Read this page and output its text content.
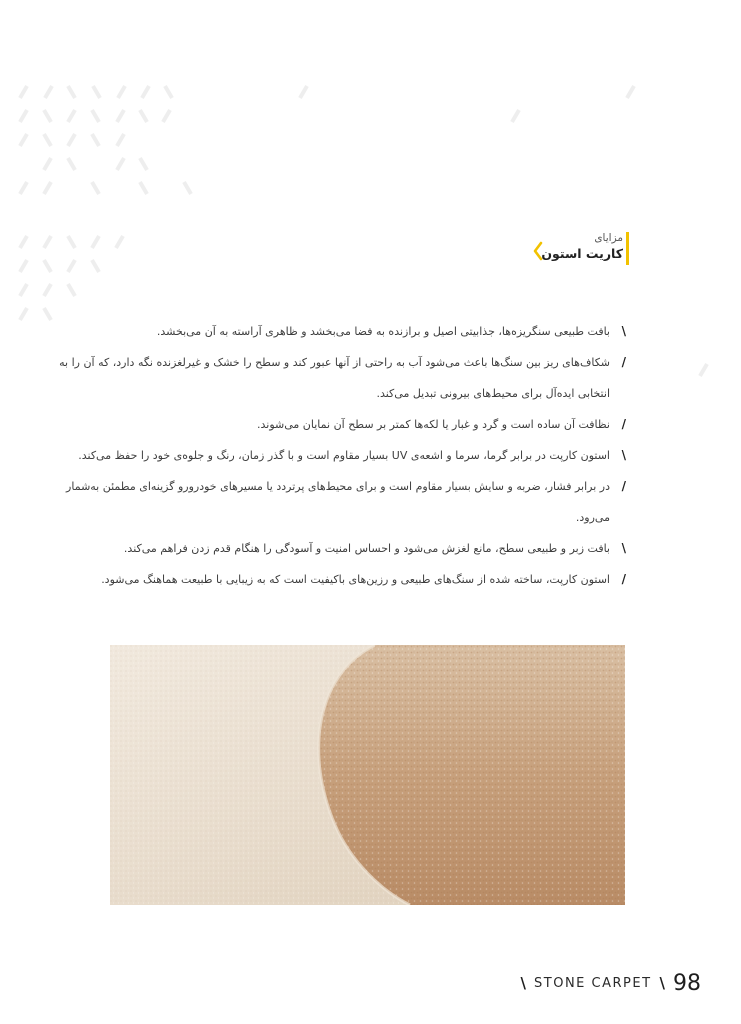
مزایای
کاریت استون
\
بافت طبیعی سنگریزه‌ها، جذابیتی اصیل و برازنده به فضا می‌بخشد و ظاهری آراسته به آن می‌بخشد.
/
شکاف‌های ریز بین سنگ‌ها باعث می‌شود آب به راحتی از آنها عبور کند و سطح را خشک و غیرلغزنده نگه دارد، که آن را به انتخابی ایده‌آل برای محیط‌های بیرونی تبدیل می‌کند.
/
نظافت آن ساده است و گرد و غبار یا لکه‌ها کمتر بر سطح آن نمایان می‌شوند.
\
استون کارپت در برابر گرما، سرما و اشعه‌ی UV بسیار مقاوم است و با گذر زمان، رنگ و جلوه‌ی خود را حفظ می‌کند.
/
در برابر فشار، ضربه و سایش بسیار مقاوم است و برای محیط‌های پرتردد یا مسیرهای خودرورو گزینه‌ای مطمئن به‌شمار می‌رود.
\
بافت زبر و طبیعی سطح، مانع لغزش می‌شود و احساس امنیت و آسودگی را هنگام قدم زدن فراهم می‌کند.
/
استون کارپت، ساخته شده از سنگ‌های طبیعی و رزین‌های باکیفیت است که به زیبایی با طبیعت هماهنگ می‌شود.
\ STONE CARPET \ 98
